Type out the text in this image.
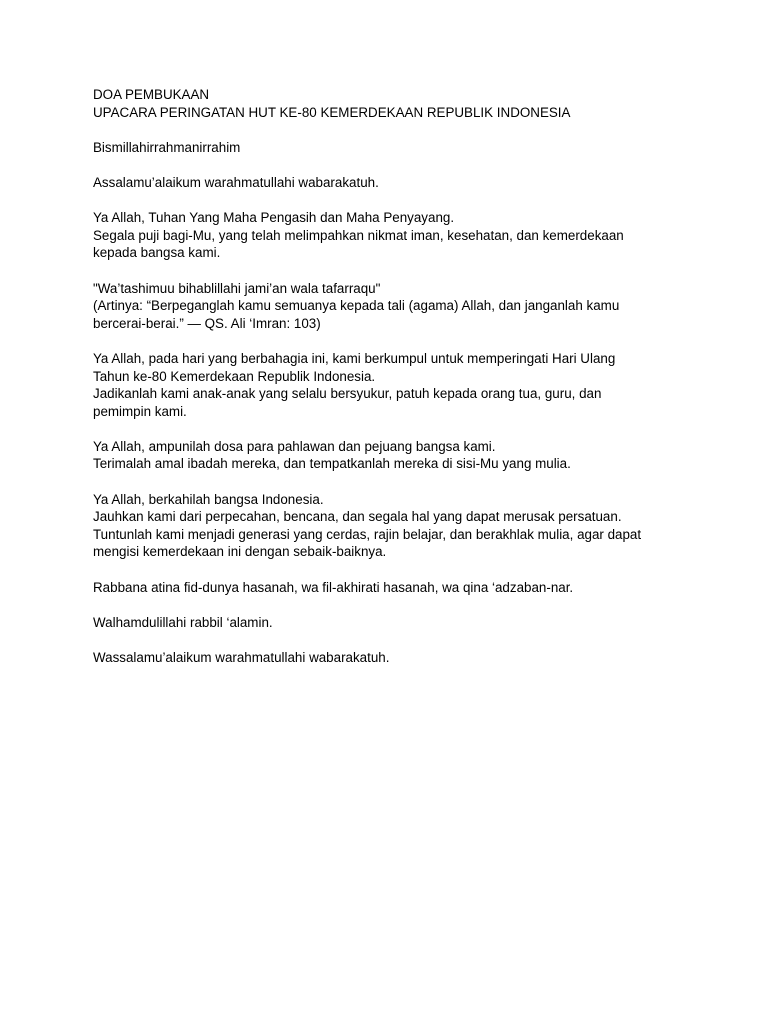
DOA PEMBUKAAN
UPACARA PERINGATAN HUT KE-80 KEMERDEKAAN REPUBLIK INDONESIA
Bismillahirrahmanirrahim
Assalamu’alaikum warahmatullahi wabarakatuh.
Ya Allah, Tuhan Yang Maha Pengasih dan Maha Penyayang.
Segala puji bagi-Mu, yang telah melimpahkan nikmat iman, kesehatan, dan kemerdekaan
kepada bangsa kami.
"Wa’tashimuu bihablillahi jami’an wala tafarraqu"
(Artinya: “Berpeganglah kamu semuanya kepada tali (agama) Allah, dan janganlah kamu
bercerai-berai.” — QS. Ali ‘Imran: 103)
Ya Allah, pada hari yang berbahagia ini, kami berkumpul untuk memperingati Hari Ulang
Tahun ke-80 Kemerdekaan Republik Indonesia.
Jadikanlah kami anak-anak yang selalu bersyukur, patuh kepada orang tua, guru, dan
pemimpin kami.
Ya Allah, ampunilah dosa para pahlawan dan pejuang bangsa kami.
Terimalah amal ibadah mereka, dan tempatkanlah mereka di sisi-Mu yang mulia.
Ya Allah, berkahilah bangsa Indonesia.
Jauhkan kami dari perpecahan, bencana, dan segala hal yang dapat merusak persatuan.
Tuntunlah kami menjadi generasi yang cerdas, rajin belajar, dan berakhlak mulia, agar dapat
mengisi kemerdekaan ini dengan sebaik-baiknya.
Rabbana atina fid-dunya hasanah, wa fil-akhirati hasanah, wa qina ‘adzaban-nar.
Walhamdulillahi rabbil ‘alamin.
Wassalamu’alaikum warahmatullahi wabarakatuh.
